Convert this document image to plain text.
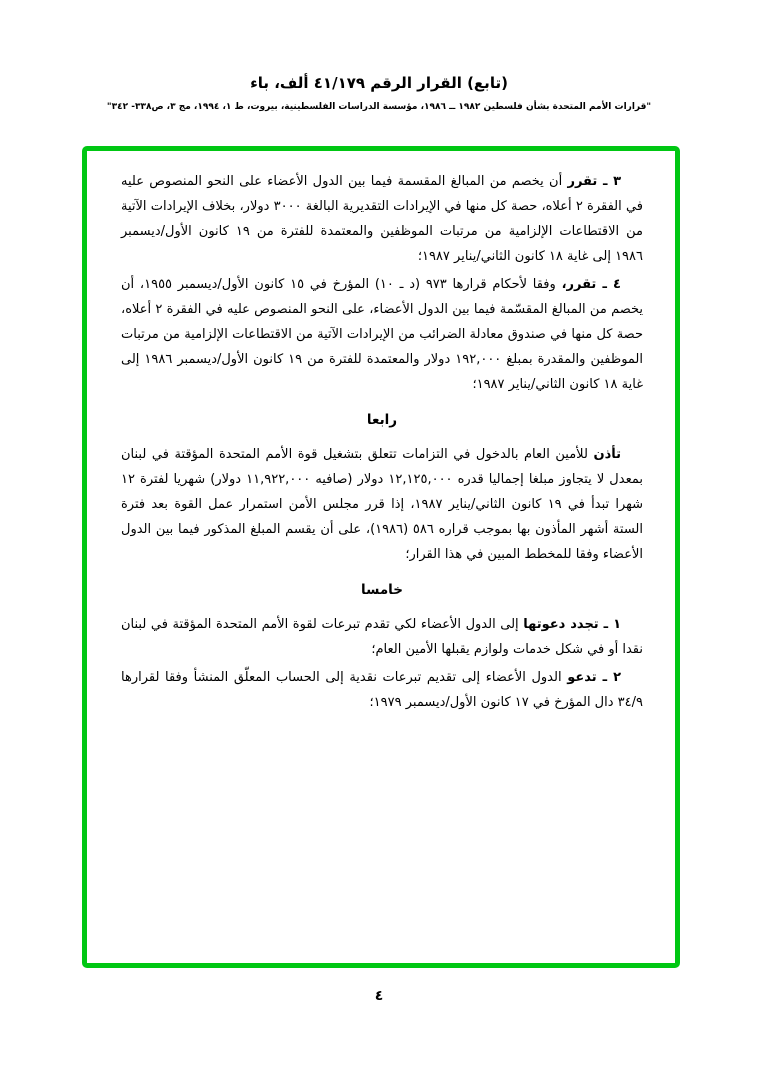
(تابع) القرار الرقم ٤١/١٧٩ ألف، باء
"قرارات الأمم المتحدة بشأن فلسطين ١٩٨٢ ــ ١٩٨٦، مؤسسة الدراسات الفلسطينية، بيروت، ط ١، ١٩٩٤، مج ٣، ص٣٣٨- ٣٤٢"

٣ ـ تقرر أن يخصم من المبالغ المقسمة فيما بين الدول الأعضاء على النحو المنصوص عليه في الفقرة ٢ أعلاه، حصة كل منها في الإيرادات التقديرية البالغة ٣٠٠٠ دولار، بخلاف الإيرادات الآتية من الاقتطاعات الإلزامية من مرتبات الموظفين والمعتمدة للفترة من ١٩ كانون الأول/ديسمبر ١٩٨٦ إلى غاية ١٨ كانون الثاني/يناير ١٩٨٧؛

٤ ـ تقرر، وفقا لأحكام قرارها ٩٧٣ (د ـ ١٠) المؤرخ في ١٥ كانون الأول/ديسمبر ١٩٥٥، أن يخصم من المبالغ المقسّمة فيما بين الدول الأعضاء، على النحو المنصوص عليه في الفقرة ٢ أعلاه، حصة كل منها في صندوق معادلة الضرائب من الإيرادات الآتية من الاقتطاعات الإلزامية من مرتبات الموظفين والمقدرة بمبلغ ١٩٢,٠٠٠ دولار والمعتمدة للفترة من ١٩ كانون الأول/ديسمبر ١٩٨٦ إلى غاية ١٨ كانون الثاني/يناير ١٩٨٧؛

رابعا

تأذن للأمين العام بالدخول في التزامات تتعلق بتشغيل قوة الأمم المتحدة المؤقتة في لبنان بمعدل لا يتجاوز مبلغا إجماليا قدره ١٢,١٢٥,٠٠٠ دولار (صافيه ١١,٩٢٢,٠٠٠ دولار) شهريا لفترة ١٢ شهرا تبدأ في ١٩ كانون الثاني/يناير ١٩٨٧، إذا قرر مجلس الأمن استمرار عمل القوة بعد فترة الستة أشهر المأذون بها بموجب قراره ٥٨٦ (١٩٨٦)، على أن يقسم المبلغ المذكور فيما بين الدول الأعضاء وفقا للمخطط المبين في هذا القرار؛

خامسا

١ ـ تجدد دعوتها إلى الدول الأعضاء لكي تقدم تبرعات لقوة الأمم المتحدة المؤقتة في لبنان نقدا أو في شكل خدمات ولوازم يقبلها الأمين العام؛

٢ ـ تدعو الدول الأعضاء إلى تقديم تبرعات نقدية إلى الحساب المعلّق المنشأ وفقا لقرارها ٣٤/٩ دال المؤرخ في ١٧ كانون الأول/ديسمبر ١٩٧٩؛

٤
